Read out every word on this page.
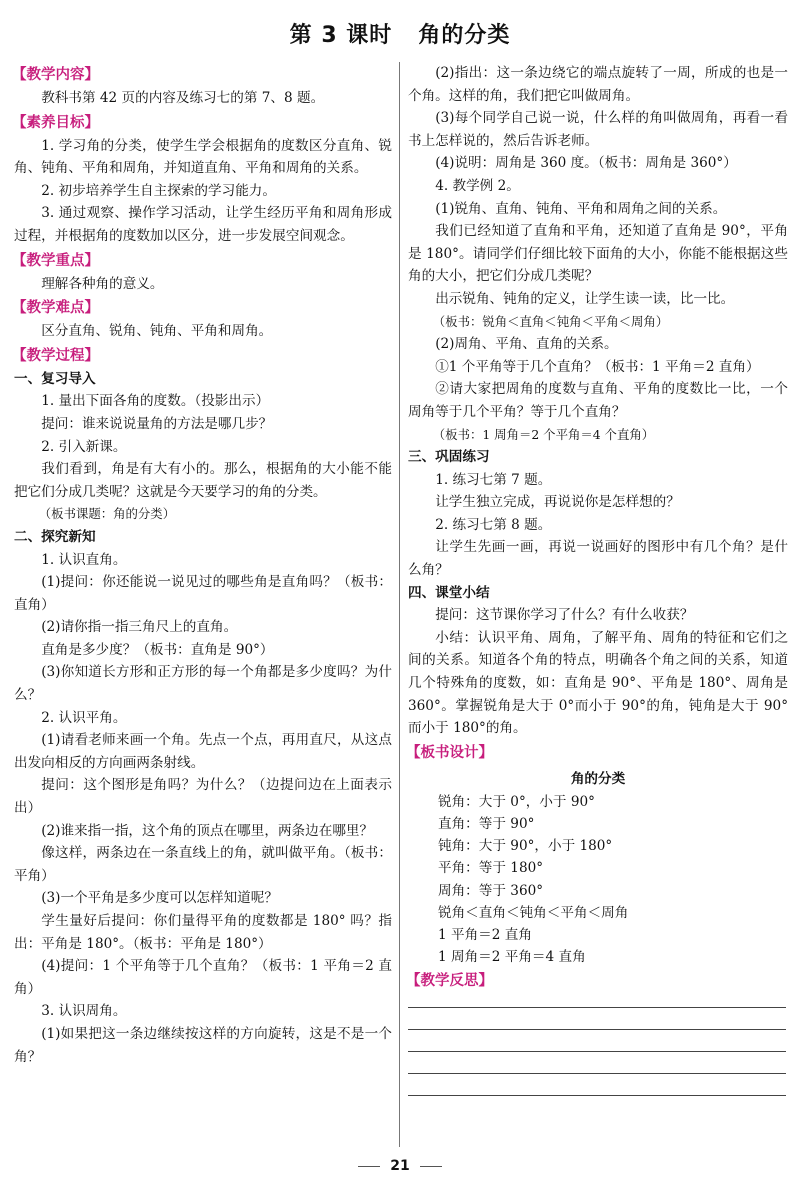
第 3 课时 角的分类
【教学内容】
教科书第 42 页的内容及练习七的第 7、8 题。
【素养目标】
1. 学习角的分类，使学生学会根据角的度数区分直角、锐角、钝角、平角和周角，并知道直角、平角和周角的关系。
2. 初步培养学生自主探索的学习能力。
3. 通过观察、操作学习活动，让学生经历平角和周角形成过程，并根据角的度数加以区分，进一步发展空间观念。
【教学重点】
理解各种角的意义。
【教学难点】
区分直角、锐角、钝角、平角和周角。
【教学过程】
一、复习导入
1. 量出下面各角的度数。（投影出示）
提问：谁来说说量角的方法是哪几步？
2. 引入新课。
我们看到，角是有大有小的。那么，根据角的大小能不能把它们分成几类呢？这就是今天要学习的角的分类。
（板书课题：角的分类）
二、探究新知
1. 认识直角。
(1)提问：你还能说一说见过的哪些角是直角吗？（板书：直角）
(2)请你指一指三角尺上的直角。
直角是多少度？（板书：直角是 90°）
(3)你知道长方形和正方形的每一个角都是多少度吗？为什么？
2. 认识平角。
(1)请看老师来画一个角。先点一个点，再用直尺，从这点出发向相反的方向画两条射线。
提问：这个图形是角吗？为什么？（边提问边在上面表示出）
(2)谁来指一指，这个角的顶点在哪里，两条边在哪里？
像这样，两条边在一条直线上的角，就叫做平角。（板书：平角）
(3)一个平角是多少度可以怎样知道呢？
学生量好后提问：你们量得平角的度数都是 180° 吗？指出：平角是 180°。（板书：平角是 180°）
(4)提问：1 个平角等于几个直角？（板书：1 平角＝2 直角）
3. 认识周角。
(1)如果把这一条边继续按这样的方向旋转，这是不是一个角？
(2)指出：这一条边绕它的端点旋转了一周，所成的也是一个角。这样的角，我们把它叫做周角。
(3)每个同学自己说一说，什么样的角叫做周角，再看一看书上怎样说的，然后告诉老师。
(4)说明：周角是 360 度。（板书：周角是 360°）
4. 教学例 2。
(1)锐角、直角、钝角、平角和周角之间的关系。
我们已经知道了直角和平角，还知道了直角是 90°，平角是 180°。请同学们仔细比较下面角的大小，你能不能根据这些角的大小，把它们分成几类呢？
出示锐角、钝角的定义，让学生读一读，比一比。
（板书：锐角＜直角＜钝角＜平角＜周角）
(2)周角、平角、直角的关系。
①1 个平角等于几个直角？（板书：1 平角＝2 直角）
②请大家把周角的度数与直角、平角的度数比一比，一个周角等于几个平角？等于几个直角？
（板书：1 周角＝2 个平角＝4 个直角）
三、巩固练习
1. 练习七第 7 题。
让学生独立完成，再说说你是怎样想的？
2. 练习七第 8 题。
让学生先画一画，再说一说画好的图形中有几个角？是什么角？
四、课堂小结
提问：这节课你学习了什么？有什么收获？
小结：认识平角、周角，了解平角、周角的特征和它们之间的关系。知道各个角的特点，明确各个角之间的关系，知道几个特殊角的度数，如：直角是 90°、平角是 180°、周角是 360°。掌握锐角是大于 0°而小于 90°的角，钝角是大于 90°而小于 180°的角。
【板书设计】
角的分类
锐角：大于 0°，小于 90°
直角：等于 90°
钝角：大于 90°，小于 180°
平角：等于 180°
周角：等于 360°
锐角＜直角＜钝角＜平角＜周角
1 平角＝2 直角
1 周角＝2 平角＝4 直角
【教学反思】
21
